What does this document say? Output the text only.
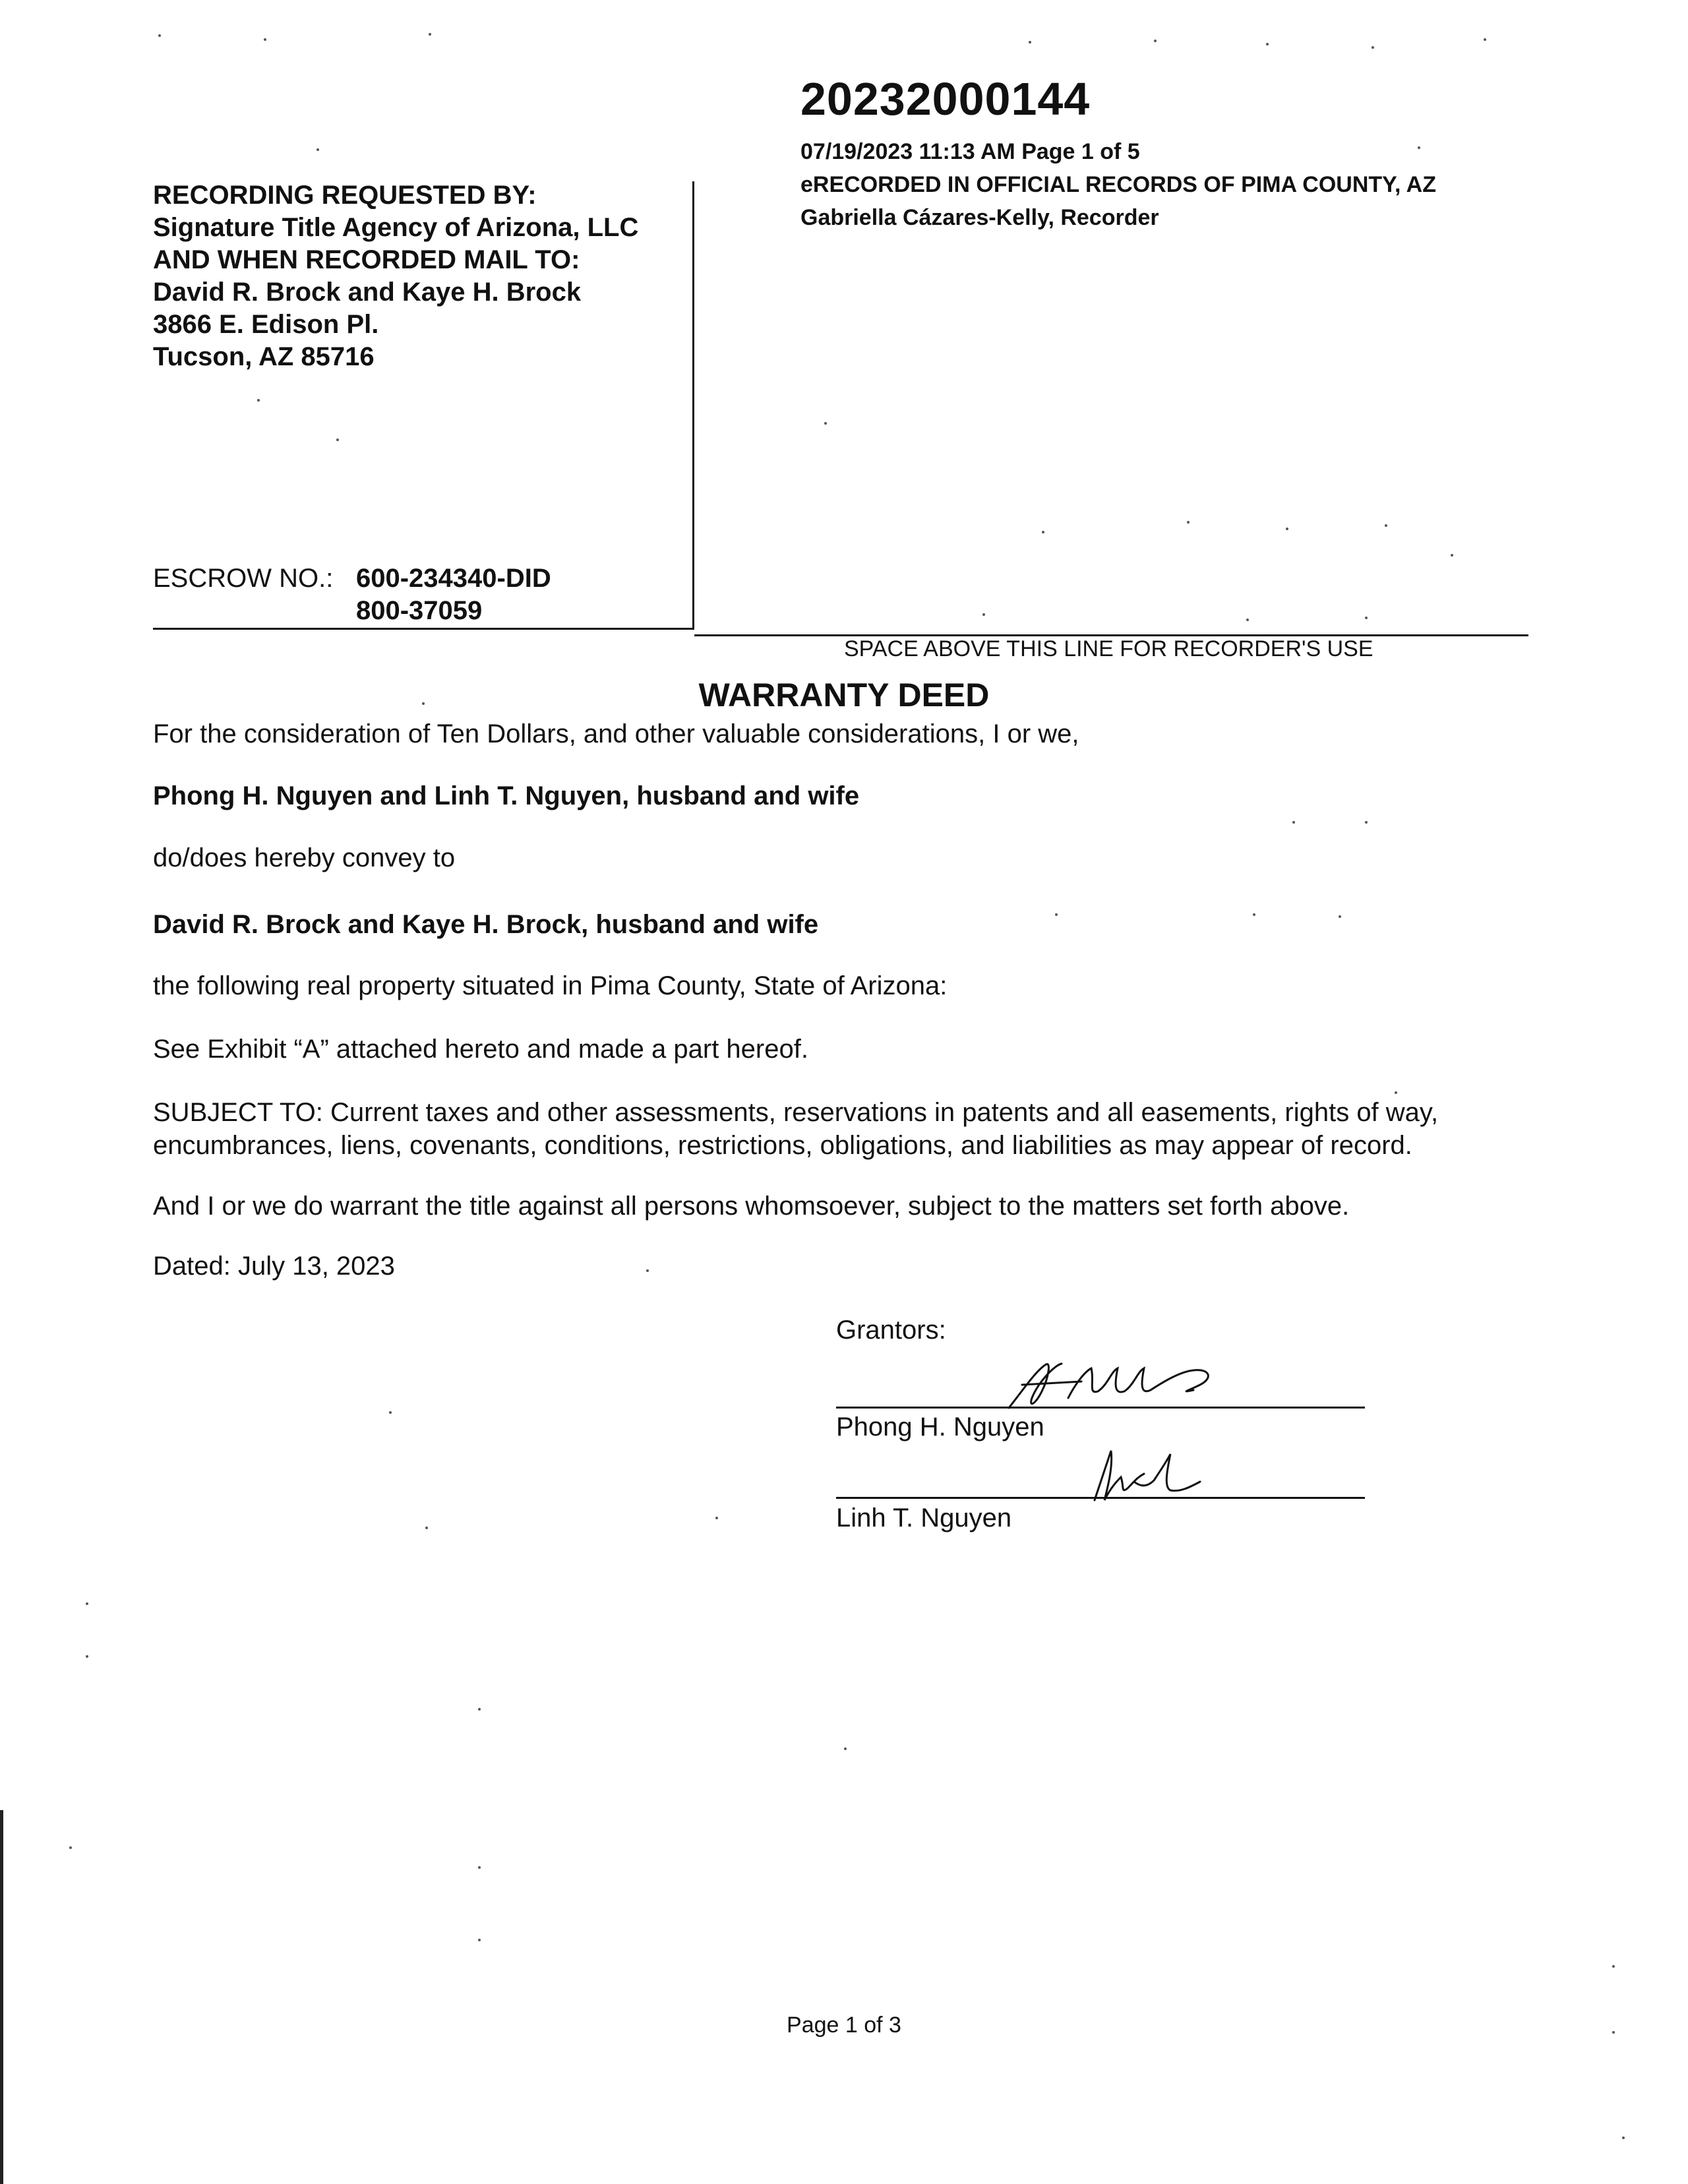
20232000144
07/19/2023 11:13 AM Page 1 of 5
eRECORDED IN OFFICIAL RECORDS OF PIMA COUNTY, AZ
Gabriella Cázares-Kelly, Recorder
RECORDING REQUESTED BY:
Signature Title Agency of Arizona, LLC
AND WHEN RECORDED MAIL TO:
David R. Brock and Kaye H. Brock
3866 E. Edison Pl.
Tucson, AZ 85716
ESCROW NO.: 600-234340-DID
800-37059
SPACE ABOVE THIS LINE FOR RECORDER'S USE
WARRANTY DEED
For the consideration of Ten Dollars, and other valuable considerations, I or we,
Phong H. Nguyen and Linh T. Nguyen, husband and wife
do/does hereby convey to
David R. Brock and Kaye H. Brock, husband and wife
the following real property situated in Pima County, State of Arizona:
See Exhibit “A” attached hereto and made a part hereof.
SUBJECT TO: Current taxes and other assessments, reservations in patents and all easements, rights of way, encumbrances, liens, covenants, conditions, restrictions, obligations, and liabilities as may appear of record.
And I or we do warrant the title against all persons whomsoever, subject to the matters set forth above.
Dated: July 13, 2023
Grantors:
Phong H. Nguyen
Linh T. Nguyen
Page 1 of 3
